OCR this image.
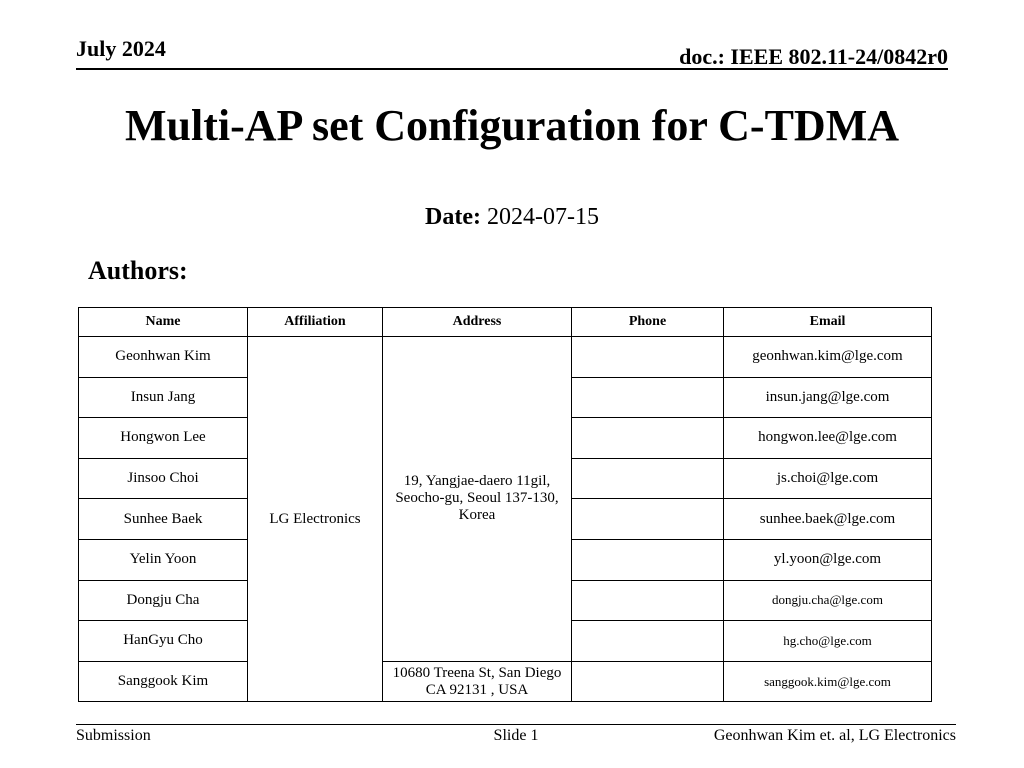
July 2024	doc.: IEEE 802.11-24/0842r0
Multi-AP set Configuration for C-TDMA
Date: 2024-07-15
Authors:
Name	Affiliation	Address	Phone	Email
Geonhwan Kim	LG Electronics	19, Yangjae-daero 11gil, Seocho-gu, Seoul 137-130, Korea		geonhwan.kim@lge.com
Insun Jang				insun.jang@lge.com
Hongwon Lee				hongwon.lee@lge.com
Jinsoo Choi				js.choi@lge.com
Sunhee Baek				sunhee.baek@lge.com
Yelin Yoon				yl.yoon@lge.com
Dongju Cha				dongju.cha@lge.com
HanGyu Cho				hg.cho@lge.com
Sanggook Kim		10680 Treena St, San Diego CA 92131 , USA		sanggook.kim@lge.com
Submission	Slide 1	Geonhwan Kim et. al, LG Electronics
